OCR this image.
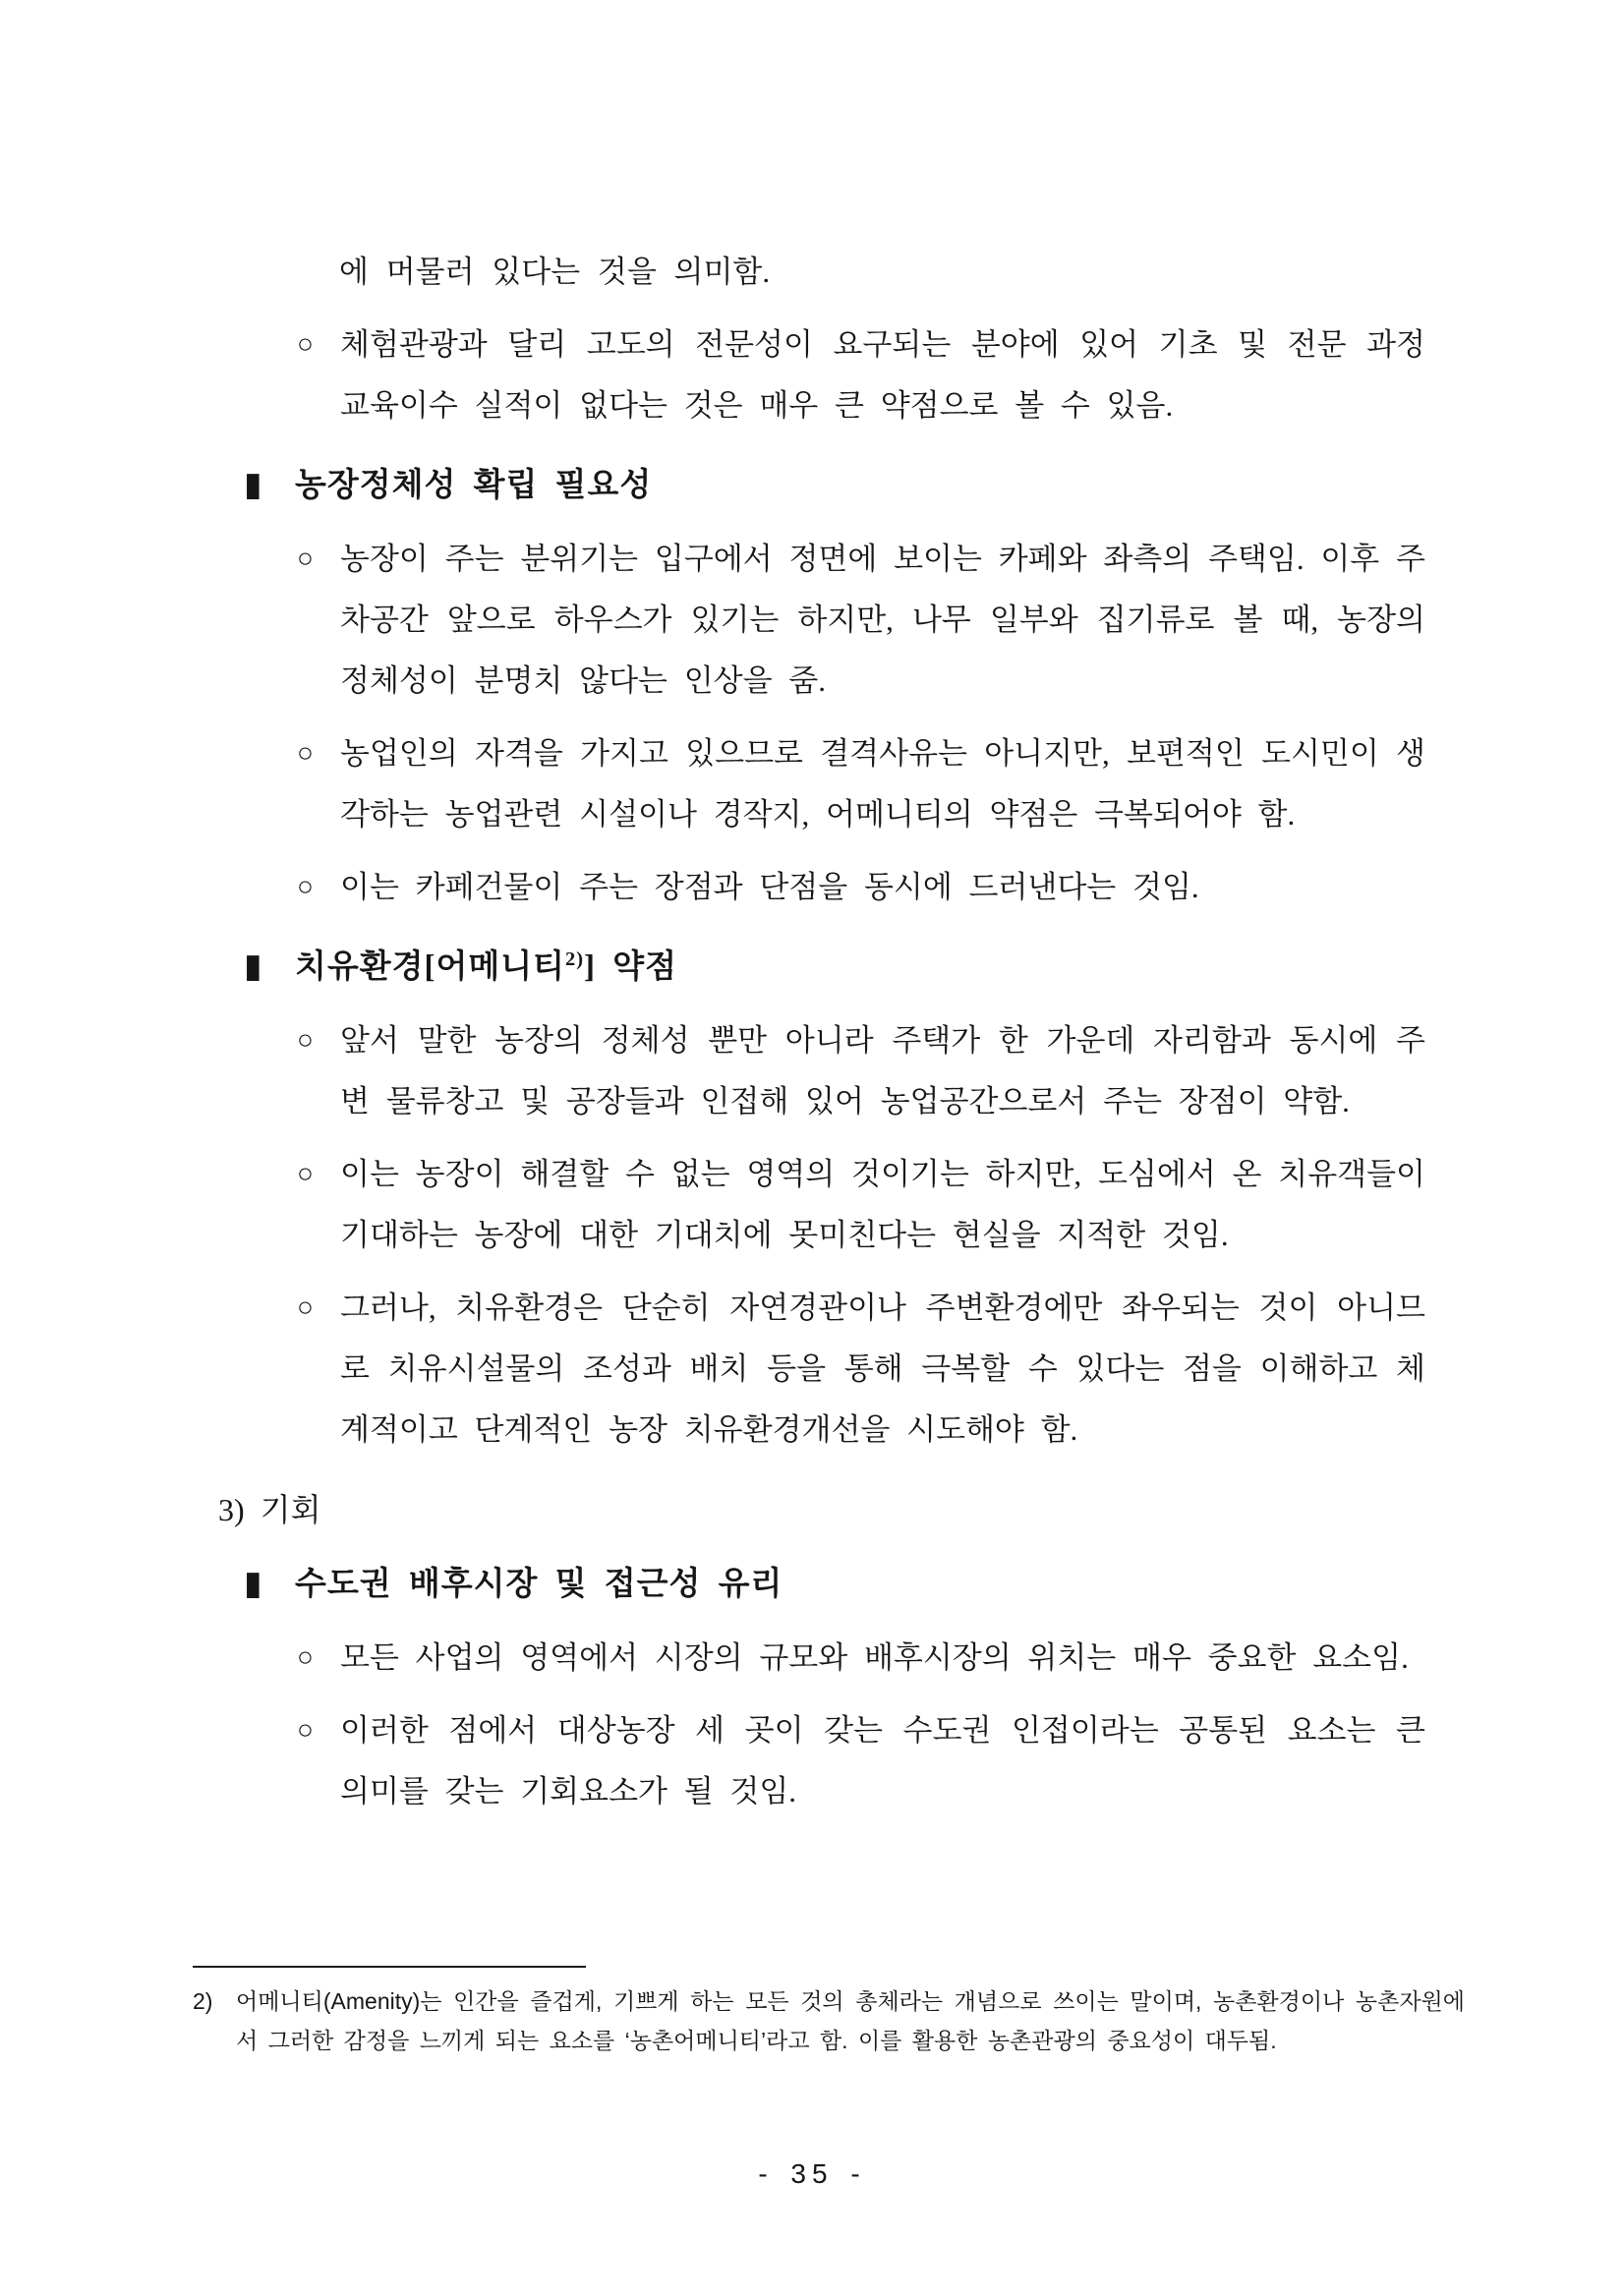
에 머물러 있다는 것을 의미함.
○ 체험관광과 달리 고도의 전문성이 요구되는 분야에 있어 기초 및 전문 과정 교육이수 실적이 없다는 것은 매우 큰 약점으로 볼 수 있음.
▮ 농장정체성 확립 필요성
○ 농장이 주는 분위기는 입구에서 정면에 보이는 카페와 좌측의 주택임. 이후 주차공간 앞으로 하우스가 있기는 하지만, 나무 일부와 집기류로 볼 때, 농장의 정체성이 분명치 않다는 인상을 줌.
○ 농업인의 자격을 가지고 있으므로 결격사유는 아니지만, 보편적인 도시민이 생각하는 농업관련 시설이나 경작지, 어메니티의 약점은 극복되어야 함.
○ 이는 카페건물이 주는 장점과 단점을 동시에 드러낸다는 것임.
▮ 치유환경[어메니티$^{2)}$] 약점
○ 앞서 말한 농장의 정체성 뿐만 아니라 주택가 한 가운데 자리함과 동시에 주변 물류창고 및 공장들과 인접해 있어 농업공간으로서 주는 장점이 약함.
○ 이는 농장이 해결할 수 없는 영역의 것이기는 하지만, 도심에서 온 치유객들이 기대하는 농장에 대한 기대치에 못미친다는 현실을 지적한 것임.
○ 그러나, 치유환경은 단순히 자연경관이나 주변환경에만 좌우되는 것이 아니므로 치유시설물의 조성과 배치 등을 통해 극복할 수 있다는 점을 이해하고 체계적이고 단계적인 농장 치유환경개선을 시도해야 함.
3) 기회
▮ 수도권 배후시장 및 접근성 유리
○ 모든 사업의 영역에서 시장의 규모와 배후시장의 위치는 매우 중요한 요소임.
○ 이러한 점에서 대상농장 세 곳이 갖는 수도권 인접이라는 공통된 요소는 큰 의미를 갖는 기회요소가 될 것임.
2)	어메니티(Amenity)는 인간을 즐겁게, 기쁘게 하는 모든 것의 총체라는 개념으로 쓰이는 말이며, 농촌환경이나 농촌자원에서 그러한 감정을 느끼게 되는 요소를 ‘농촌어메니티’라고 함. 이를 활용한 농촌관광의 중요성이 대두됨.
- 35 -
